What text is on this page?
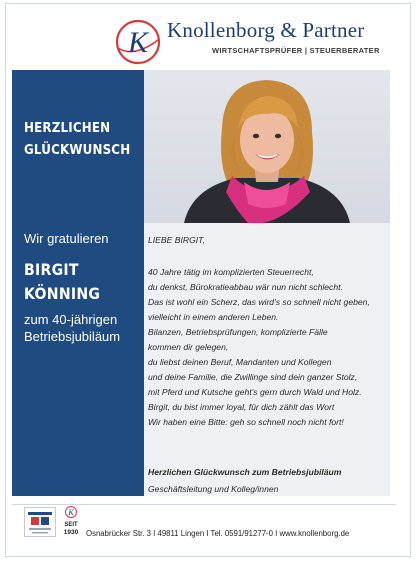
K Knollenborg & Partner
WIRTSCHAFTSPRÜFER | STEUERBERATER
HERZLICHEN
GLÜCKWUNSCH
Wir gratulieren
BIRGIT
KÖNNING
zum 40-jährigen
Betriebsjubiläum
LIEBE BIRGIT,
40 Jahre tätig im komplizierten Steuerrecht,
du denkst, Bürokratieabbau wär nun nicht schlecht.
Das ist wohl ein Scherz, das wird's so schnell nicht geben,
vielleicht in einem anderen Leben.
Bilanzen, Betriebsprüfungen, komplizierte Fälle
kommen dir gelegen,
du liebst deinen Beruf, Mandanten und Kollegen
und deine Familie, die Zwillinge sind dein ganzer Stolz,
mit Pferd und Kutsche geht's gern durch Wald und Holz.
Birgit, du bist immer loyal, für dich zählt das Wort
Wir haben eine Bitte: geh so schnell noch nicht fort!
Herzlichen Glückwunsch zum Betriebsjubiläum
Geschäftsleitung und Kolleg/innen
K
SEIT
1930 Osnabrücker Str. 3 I 49811 Lingen I Tel. 0591/91277-0 I www.knollenborg.de
